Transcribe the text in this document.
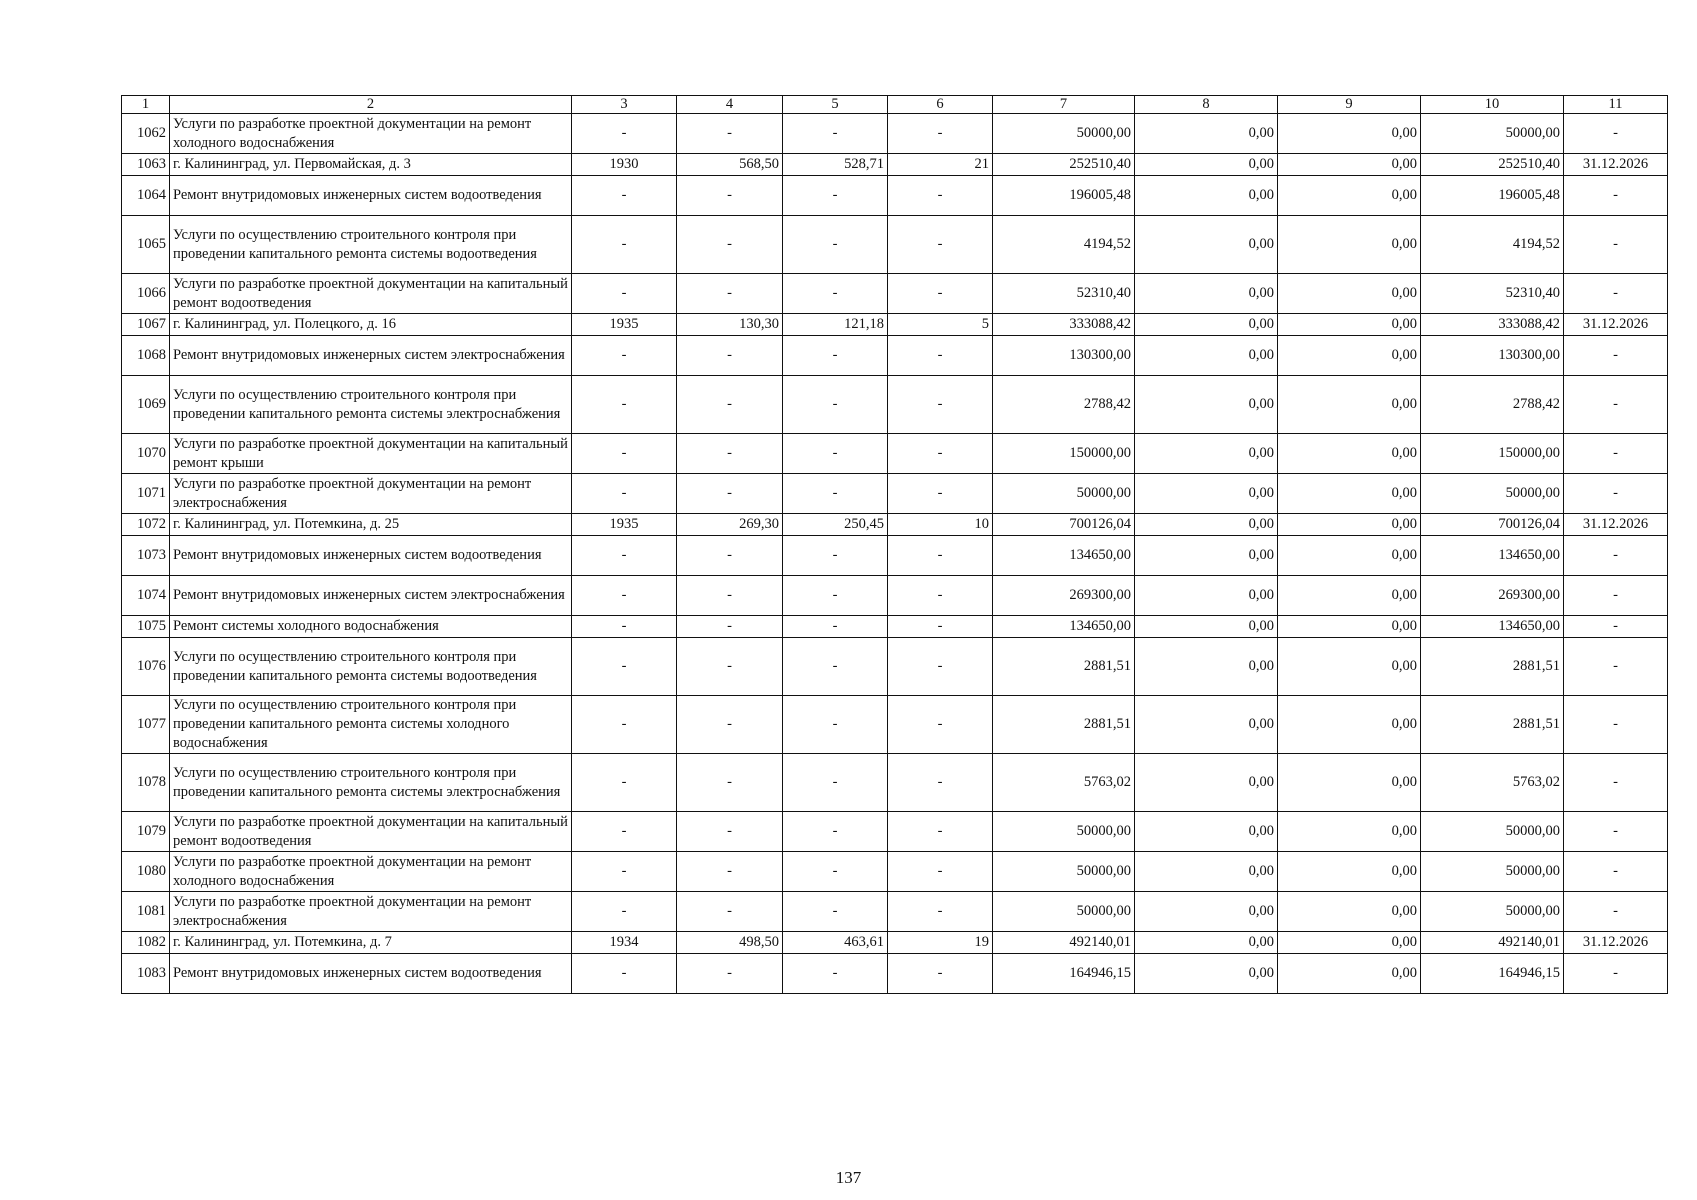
1	2	3	4	5	6	7	8	9	10	11
1062	Услуги по разработке проектной документации на ремонт холодного водоснабжения	-	-	-	-	50000,00	0,00	0,00	50000,00	-
1063	г. Калининград, ул. Первомайская, д. 3	1930	568,50	528,71	21	252510,40	0,00	0,00	252510,40	31.12.2026
1064	Ремонт внутридомовых инженерных систем водоотведения	-	-	-	-	196005,48	0,00	0,00	196005,48	-
1065	Услуги по осуществлению строительного контроля при проведении капитального ремонта системы водоотведения	-	-	-	-	4194,52	0,00	0,00	4194,52	-
1066	Услуги по разработке проектной документации на капитальный ремонт водоотведения	-	-	-	-	52310,40	0,00	0,00	52310,40	-
1067	г. Калининград, ул. Полецкого, д. 16	1935	130,30	121,18	5	333088,42	0,00	0,00	333088,42	31.12.2026
1068	Ремонт внутридомовых инженерных систем электроснабжения	-	-	-	-	130300,00	0,00	0,00	130300,00	-
1069	Услуги по осуществлению строительного контроля при проведении капитального ремонта системы электроснабжения	-	-	-	-	2788,42	0,00	0,00	2788,42	-
1070	Услуги по разработке проектной документации на капитальный ремонт крыши	-	-	-	-	150000,00	0,00	0,00	150000,00	-
1071	Услуги по разработке проектной документации на ремонт электроснабжения	-	-	-	-	50000,00	0,00	0,00	50000,00	-
1072	г. Калининград, ул. Потемкина, д. 25	1935	269,30	250,45	10	700126,04	0,00	0,00	700126,04	31.12.2026
1073	Ремонт внутридомовых инженерных систем водоотведения	-	-	-	-	134650,00	0,00	0,00	134650,00	-
1074	Ремонт внутридомовых инженерных систем электроснабжения	-	-	-	-	269300,00	0,00	0,00	269300,00	-
1075	Ремонт системы холодного водоснабжения	-	-	-	-	134650,00	0,00	0,00	134650,00	-
1076	Услуги по осуществлению строительного контроля при проведении капитального ремонта системы водоотведения	-	-	-	-	2881,51	0,00	0,00	2881,51	-
1077	Услуги по осуществлению строительного контроля при проведении капитального ремонта системы холодного водоснабжения	-	-	-	-	2881,51	0,00	0,00	2881,51	-
1078	Услуги по осуществлению строительного контроля при проведении капитального ремонта системы электроснабжения	-	-	-	-	5763,02	0,00	0,00	5763,02	-
1079	Услуги по разработке проектной документации на капитальный ремонт водоотведения	-	-	-	-	50000,00	0,00	0,00	50000,00	-
1080	Услуги по разработке проектной документации на ремонт холодного водоснабжения	-	-	-	-	50000,00	0,00	0,00	50000,00	-
1081	Услуги по разработке проектной документации на ремонт электроснабжения	-	-	-	-	50000,00	0,00	0,00	50000,00	-
1082	г. Калининград, ул. Потемкина, д. 7	1934	498,50	463,61	19	492140,01	0,00	0,00	492140,01	31.12.2026
1083	Ремонт внутридомовых инженерных систем водоотведения	-	-	-	-	164946,15	0,00	0,00	164946,15	-
137
